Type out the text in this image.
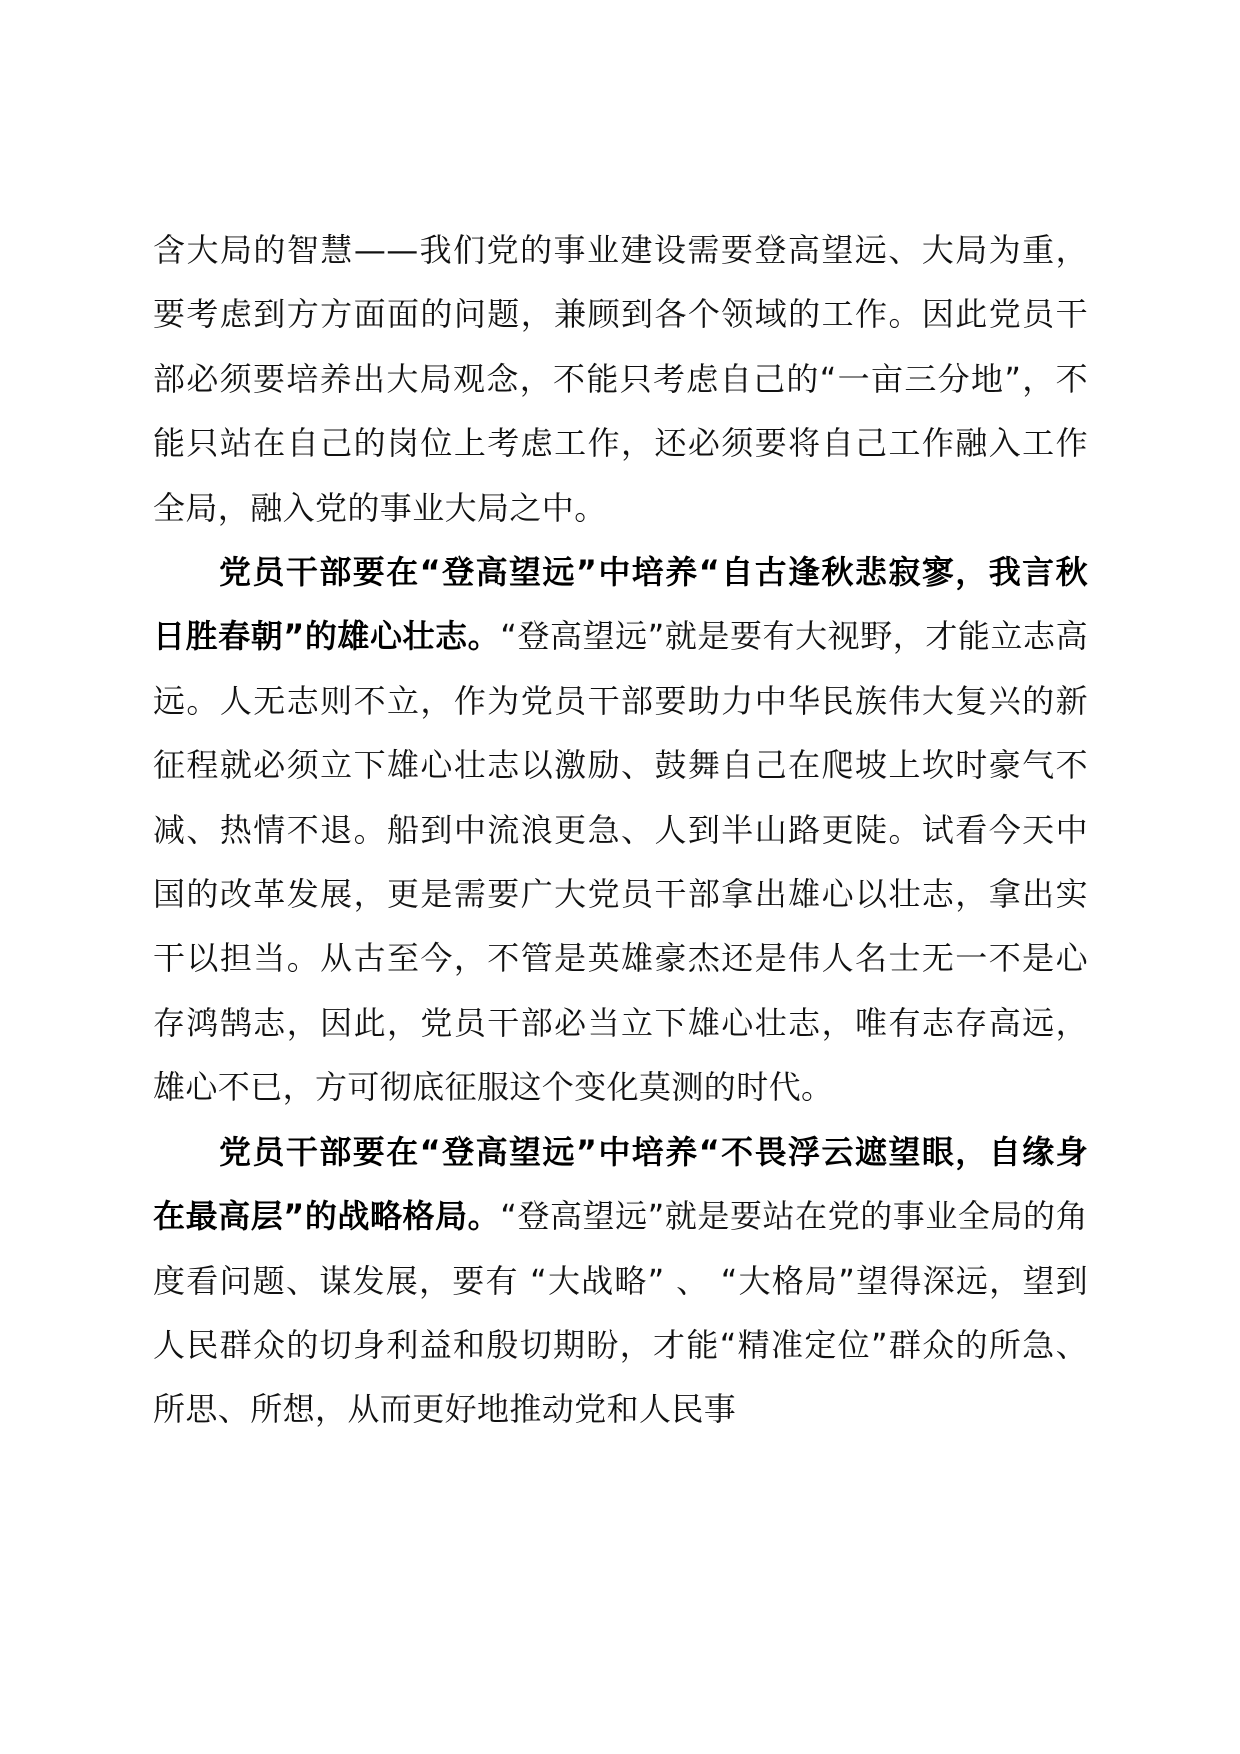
含大局的智慧——我们党的事业建设需要登高望远、大局为重，要考虑到方方面面的问题，兼顾到各个领域的工作。因此党员干部必须要培养出大局观念，不能只考虑自己的“一亩三分地”，不能只站在自己的岗位上考虑工作，还必须要将自己工作融入工作全局，融入党的事业大局之中。

党员干部要在“登高望远”中培养“自古逢秋悲寂寥，我言秋日胜春朝”的雄心壮志。“登高望远”就是要有大视野，才能立志高远。人无志则不立，作为党员干部要助力中华民族伟大复兴的新征程就必须立下雄心壮志以激励、鼓舞自己在爬坡上坎时豪气不减、热情不退。船到中流浪更急、人到半山路更陡。试看今天中国的改革发展，更是需要广大党员干部拿出雄心以壮志，拿出实干以担当。从古至今，不管是英雄豪杰还是伟人名士无一不是心存鸿鹄志，因此，党员干部必当立下雄心壮志，唯有志存高远，雄心不已，方可彻底征服这个变化莫测的时代。

党员干部要在“登高望远”中培养“不畏浮云遮望眼，自缘身在最高层”的战略格局。“登高望远”就是要站在党的事业全局的角度看问题、谋发展，要有 “大战略” 、 “大格局”望得深远，望到人民群众的切身利益和殷切期盼，才能“精准定位”群众的所急、所思、所想，从而更好地推动党和人民事
